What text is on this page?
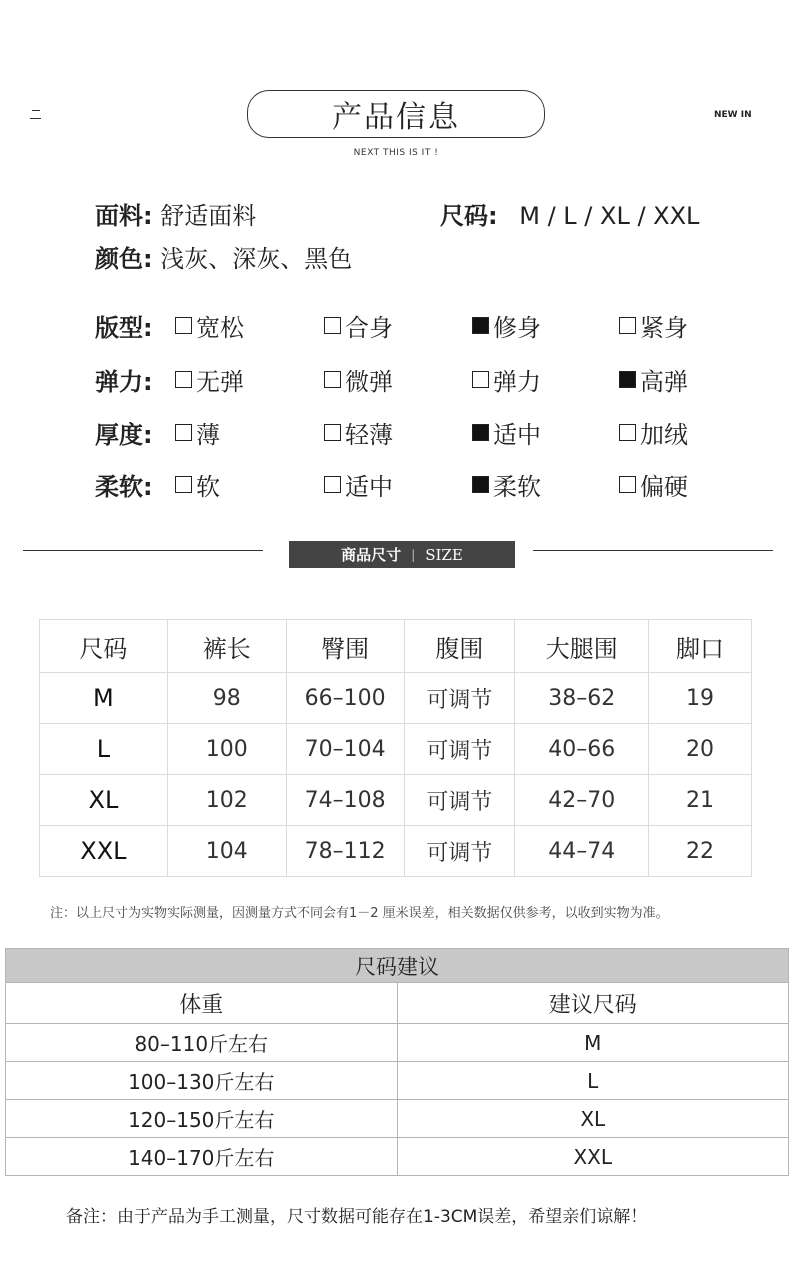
产品信息
NEXT THIS IS IT !
NEW IN
面料: 舒适面料	尺码: M / L / XL / XXL
颜色: 浅灰、深灰、黑色
版型: 宽松	合身	修身	紧身
弹力: 无弹	微弹	弹力	高弹
厚度: 薄	轻薄	适中	加绒
柔软: 软	适中	柔软	偏硬
商品尺寸 | SIZE
尺码	裤长	臀围	腹围	大腿围	脚口
M	98	66–100	可调节	38–62	19
L	100	70–104	可调节	40–66	20
XL	102	74–108	可调节	42–70	21
XXL	104	78–112	可调节	44–74	22
注：以上尺寸为实物实际测量，因测量方式不同会有1－2 厘米误差，相关数据仅供参考，以收到实物为准。
尺码建议	
体重	建议尺码
80–110斤左右	M
100–130斤左右	L
120–150斤左右	XL
140–170斤左右	XXL
备注：由于产品为手工测量，尺寸数据可能存在1-3CM误差，希望亲们谅解！
